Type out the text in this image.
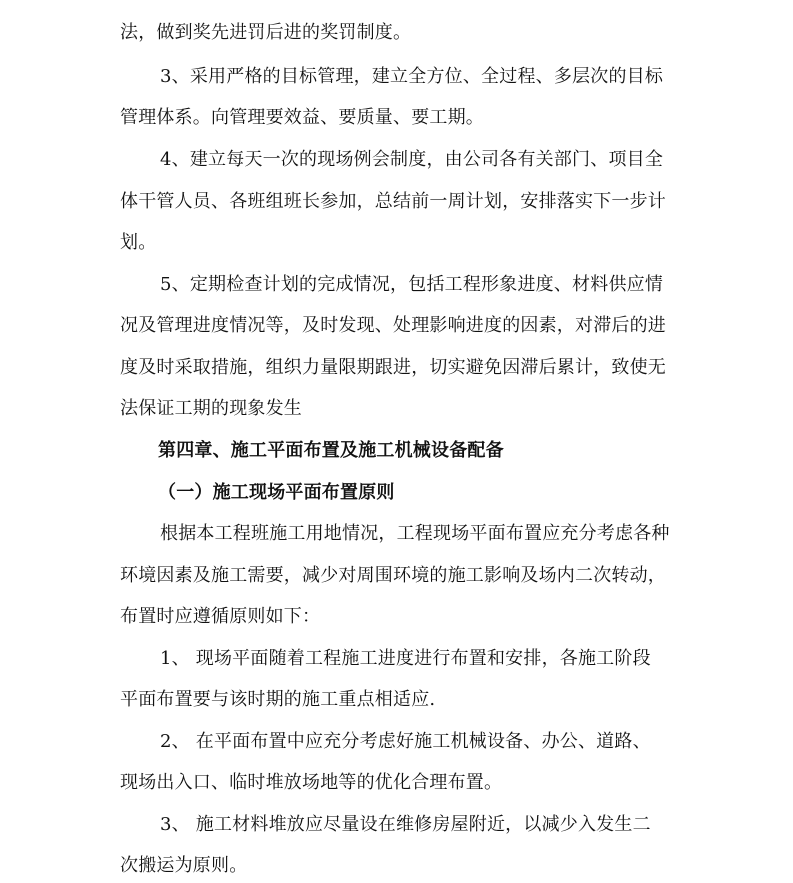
法，做到奖先进罚后进的奖罚制度。
3、采用严格的目标管理，建立全方位、全过程、多层次的目标
管理体系。向管理要效益、要质量、要工期。
4、建立每天一次的现场例会制度，由公司各有关部门、项目全
体干管人员、各班组班长参加，总结前一周计划，安排落实下一步计
划。
5、定期检查计划的完成情况，包括工程形象进度、材料供应情
况及管理进度情况等，及时发现、处理影响进度的因素，对滞后的进
度及时采取措施，组织力量限期跟进，切实避免因滞后累计，致使无
法保证工期的现象发生
第四章、施工平面布置及施工机械设备配备
（一）施工现场平面布置原则
根据本工程班施工用地情况，工程现场平面布置应充分考虑各种
环境因素及施工需要，减少对周围环境的施工影响及场内二次转动，
布置时应遵循原则如下：
1、 现场平面随着工程施工进度进行布置和安排，各施工阶段
平面布置要与该时期的施工重点相适应.
2、 在平面布置中应充分考虑好施工机械设备、办公、道路、
现场出入口、临时堆放场地等的优化合理布置。
3、 施工材料堆放应尽量设在维修房屋附近，以减少入发生二
次搬运为原则。
